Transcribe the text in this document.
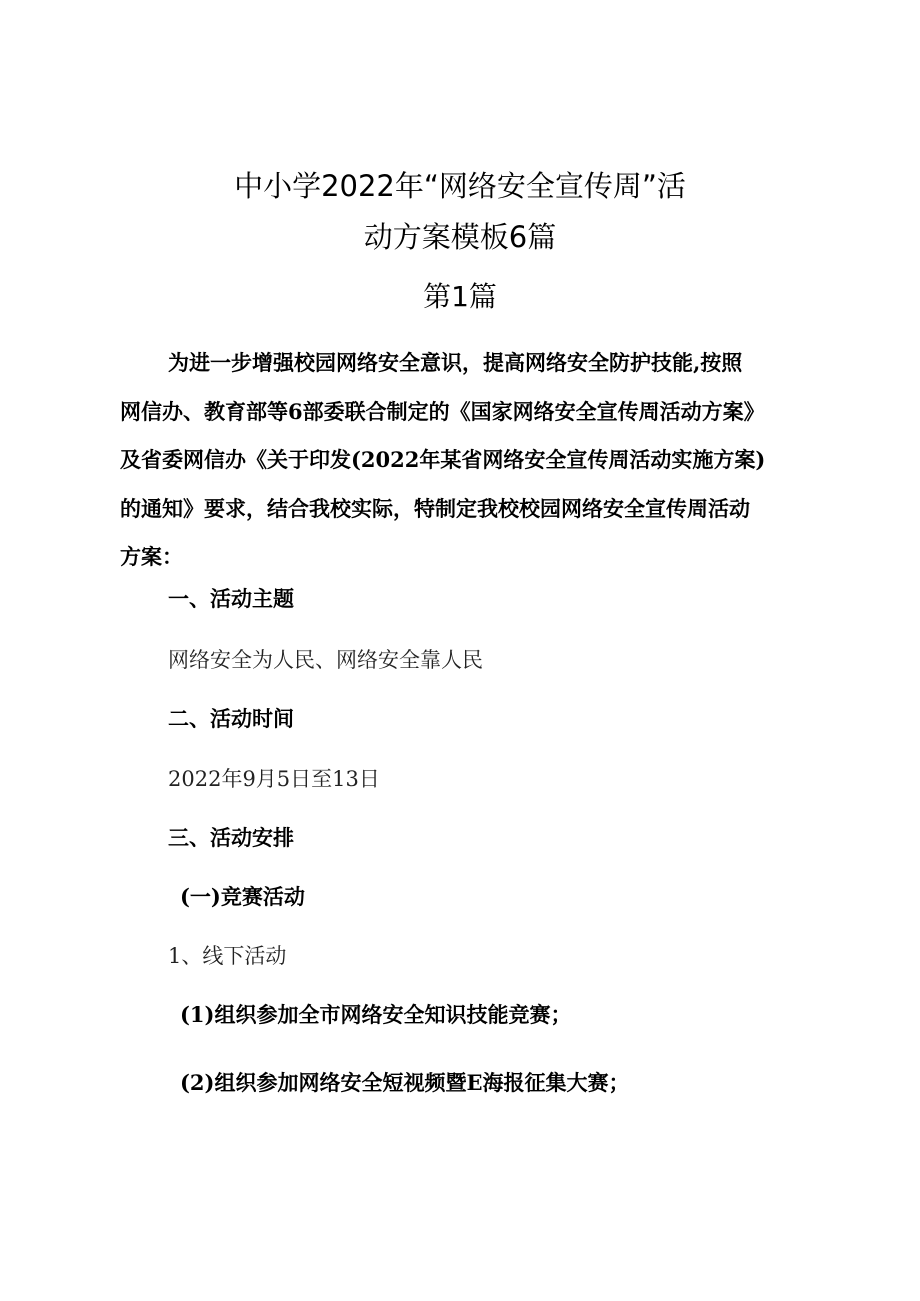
中小学2022年“网络安全宣传周”活
动方案模板6篇
第1篇
为进一步增强校园网络安全意识，提高网络安全防护技能,按照
网信办、教育部等6部委联合制定的《国家网络安全宣传周活动方案》
及省委网信办《关于印发(2022年某省网络安全宣传周活动实施方案)
的通知》要求，结合我校实际，特制定我校校园网络安全宣传周活动
方案：
一、活动主题
网络安全为人民、网络安全靠人民
二、活动时间
2022年9月5日至13日
三、活动安排
(一)竞赛活动
1、线下活动
(1)组织参加全市网络安全知识技能竞赛；
(2)组织参加网络安全短视频暨E海报征集大赛；
